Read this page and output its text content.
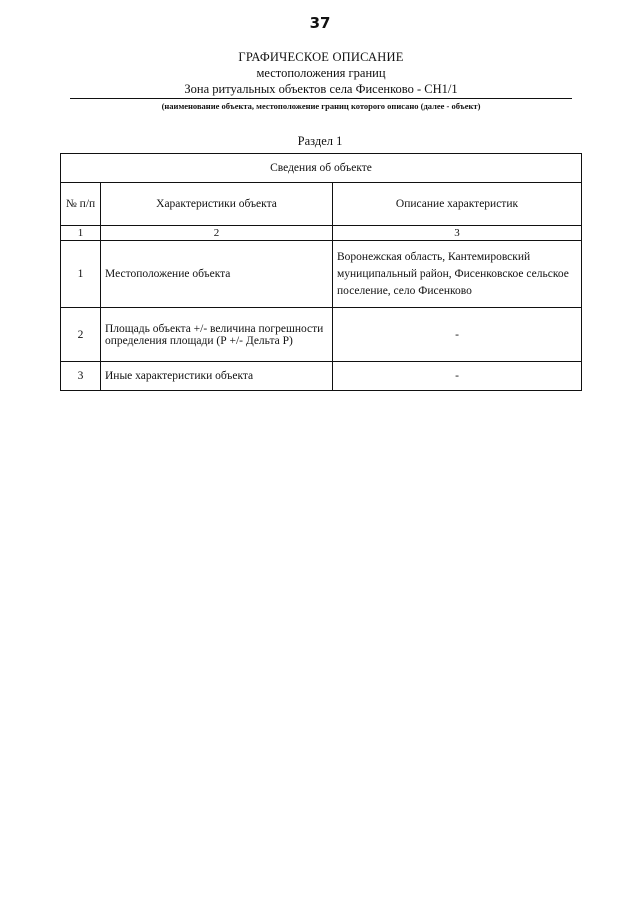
37
ГРАФИЧЕСКОЕ ОПИСАНИЕ
местоположения границ
Зона ритуальных объектов села Фисенково - СН1/1
(наименование объекта, местоположение границ которого описано (далее - объект)
Раздел 1
Сведения об объекте		
№ п/п	Характеристики объекта	Описание характеристик
1	2	3
1	Местоположение объекта	Воронежская область, Кантемировский муниципальный район, Фисенковское сельское поселение, село Фисенково
2	Площадь объекта +/- величина погрешности определения площади (Р +/- Дельта Р)	-
3	Иные характеристики объекта	-
